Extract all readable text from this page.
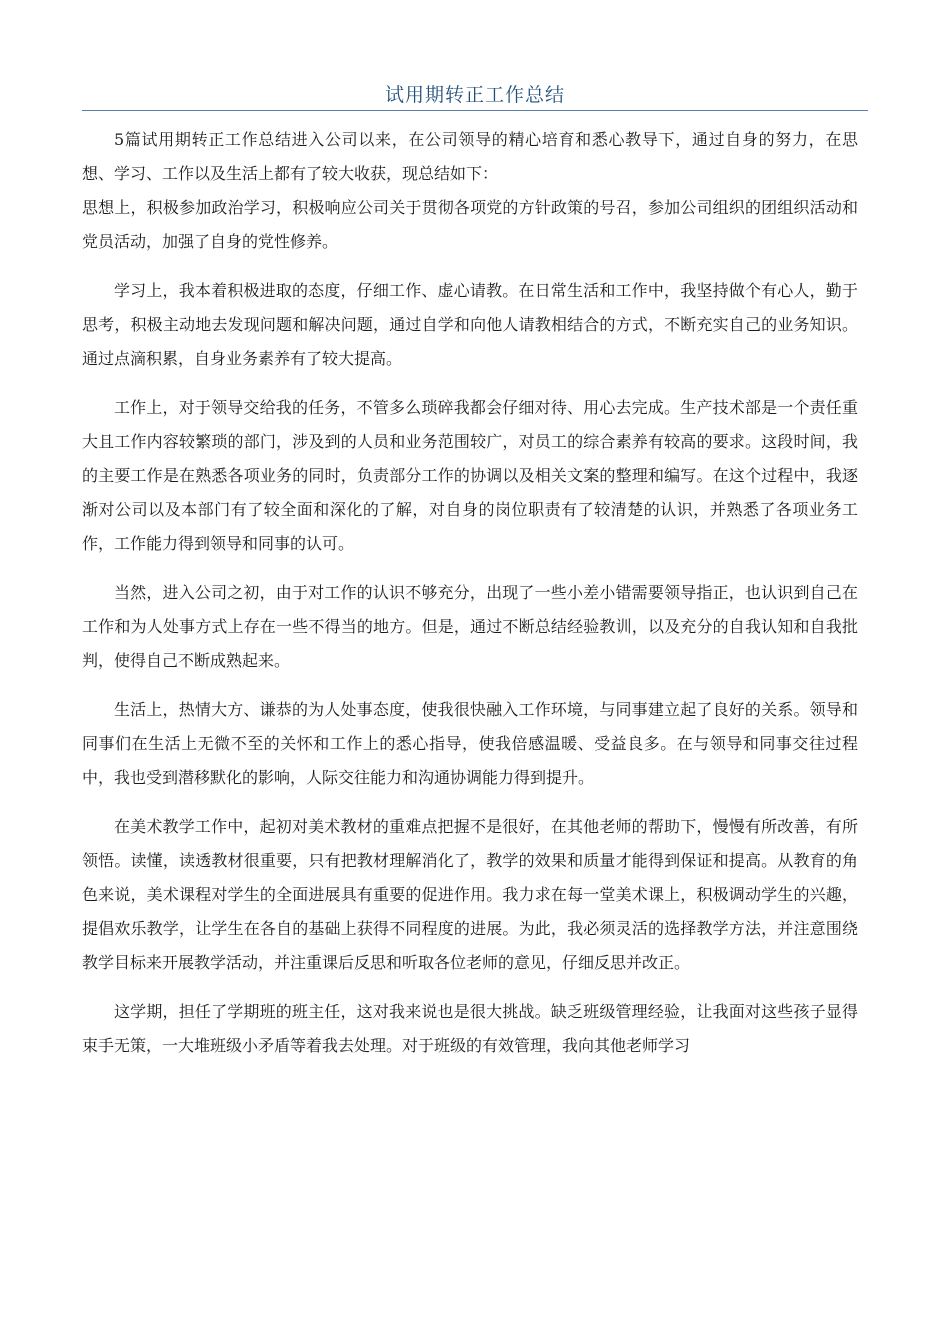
试用期转正工作总结

5篇试用期转正工作总结进入公司以来，在公司领导的精心培育和悉心教导下，通过自身的努力，在思想、学习、工作以及生活上都有了较大收获，现总结如下：

思想上，积极参加政治学习，积极响应公司关于贯彻各项党的方针政策的号召，参加公司组织的团组织活动和党员活动，加强了自身的党性修养。

学习上，我本着积极进取的态度，仔细工作、虚心请教。在日常生活和工作中，我坚持做个有心人，勤于思考，积极主动地去发现问题和解决问题，通过自学和向他人请教相结合的方式，不断充实自己的业务知识。通过点滴积累，自身业务素养有了较大提高。

工作上，对于领导交给我的任务，不管多么琐碎我都会仔细对待、用心去完成。生产技术部是一个责任重大且工作内容较繁琐的部门，涉及到的人员和业务范围较广，对员工的综合素养有较高的要求。这段时间，我的主要工作是在熟悉各项业务的同时，负责部分工作的协调以及相关文案的整理和编写。在这个过程中，我逐渐对公司以及本部门有了较全面和深化的了解，对自身的岗位职责有了较清楚的认识，并熟悉了各项业务工作，工作能力得到领导和同事的认可。

当然，进入公司之初，由于对工作的认识不够充分，出现了一些小差小错需要领导指正，也认识到自己在工作和为人处事方式上存在一些不得当的地方。但是，通过不断总结经验教训，以及充分的自我认知和自我批判，使得自己不断成熟起来。

生活上，热情大方、谦恭的为人处事态度，使我很快融入工作环境，与同事建立起了良好的关系。领导和同事们在生活上无微不至的关怀和工作上的悉心指导，使我倍感温暖、受益良多。在与领导和同事交往过程中，我也受到潜移默化的影响，人际交往能力和沟通协调能力得到提升。

在美术教学工作中，起初对美术教材的重难点把握不是很好，在其他老师的帮助下，慢慢有所改善，有所领悟。读懂，读透教材很重要，只有把教材理解消化了，教学的效果和质量才能得到保证和提高。从教育的角色来说，美术课程对学生的全面进展具有重要的促进作用。我力求在每一堂美术课上，积极调动学生的兴趣，提倡欢乐教学，让学生在各自的基础上获得不同程度的进展。为此，我必须灵活的选择教学方法，并注意围绕教学目标来开展教学活动，并注重课后反思和听取各位老师的意见，仔细反思并改正。

这学期，担任了学期班的班主任，这对我来说也是很大挑战。缺乏班级管理经验，让我面对这些孩子显得束手无策，一大堆班级小矛盾等着我去处理。对于班级的有效管理，我向其他老师学习
